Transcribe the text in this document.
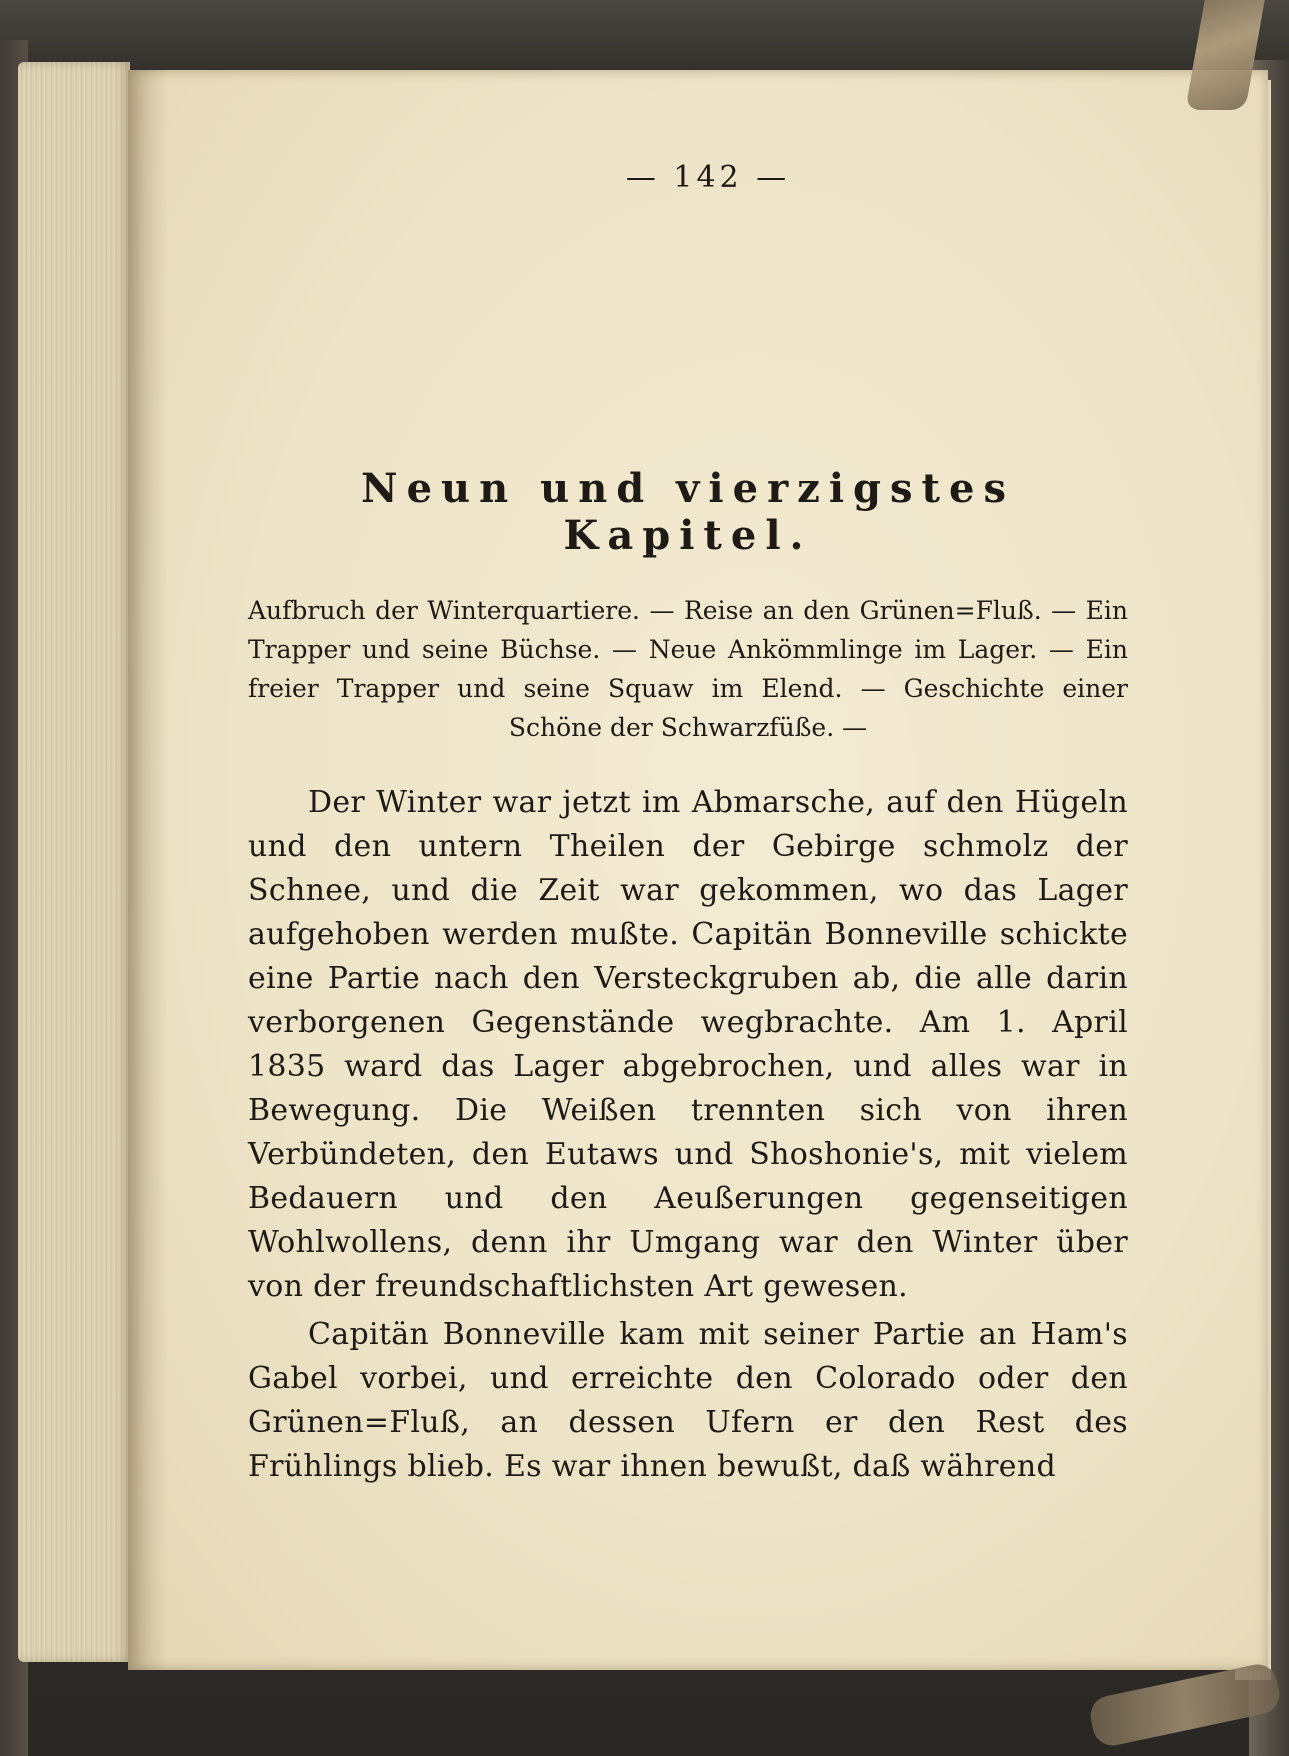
— 142 —
Neun und vierzigstes Kapitel.
Aufbruch der Winterquartiere. — Reise an den Grünen=Fluß. — Ein Trapper und seine Büchse. — Neue Ankömmlinge im Lager. — Ein freier Trapper und seine Squaw im Elend. — Geschichte einer Schöne der Schwarzfüße. —

Der Winter war jetzt im Abmarsche, auf den Hügeln und den untern Theilen der Gebirge schmolz der Schnee, und die Zeit war gekommen, wo das Lager aufgehoben werden mußte. Capitän Bonneville schickte eine Partie nach den Versteckgruben ab, die alle darin verborgenen Gegenstände wegbrachte. Am 1. April 1835 ward das Lager abgebrochen, und alles war in Bewegung. Die Weißen trennten sich von ihren Verbündeten, den Eutaws und Shoshonie's, mit vielem Bedauern und den Aeußerungen gegenseitigen Wohlwollens, denn ihr Umgang war den Winter über von der freundschaftlichsten Art gewesen.

Capitän Bonneville kam mit seiner Partie an Ham's Gabel vorbei, und erreichte den Colorado oder den Grünen=Fluß, an dessen Ufern er den Rest des Frühlings blieb. Es war ihnen bewußt, daß während
